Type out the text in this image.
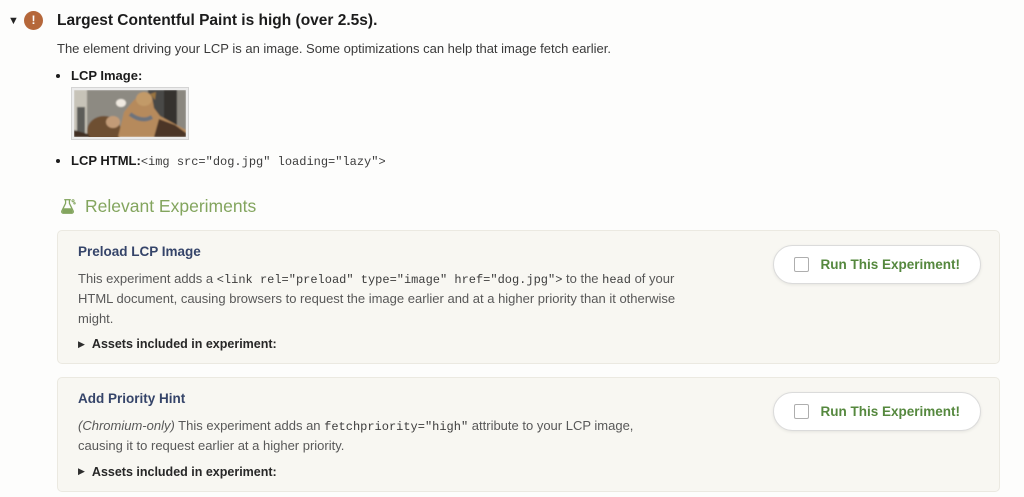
▼	!	Largest Contentful Paint is high (over 2.5s).

The element driving your LCP is an image. Some optimizations can help that image fetch earlier.

• LCP Image:
• LCP HTML:<img src="dog.jpg" loading="lazy">
Relevant Experiments
Preload LCP Image

This experiment adds a <link rel="preload" type="image" href="dog.jpg"> to the head of your HTML document, causing browsers to request the image earlier and at a higher priority than it otherwise might.

▶ Assets included in experiment:
Run This Experiment!
Add Priority Hint

(Chromium-only) This experiment adds an fetchpriority="high" attribute to your LCP image, causing it to request earlier at a higher priority.

▶ Assets included in experiment:
Run This Experiment!
